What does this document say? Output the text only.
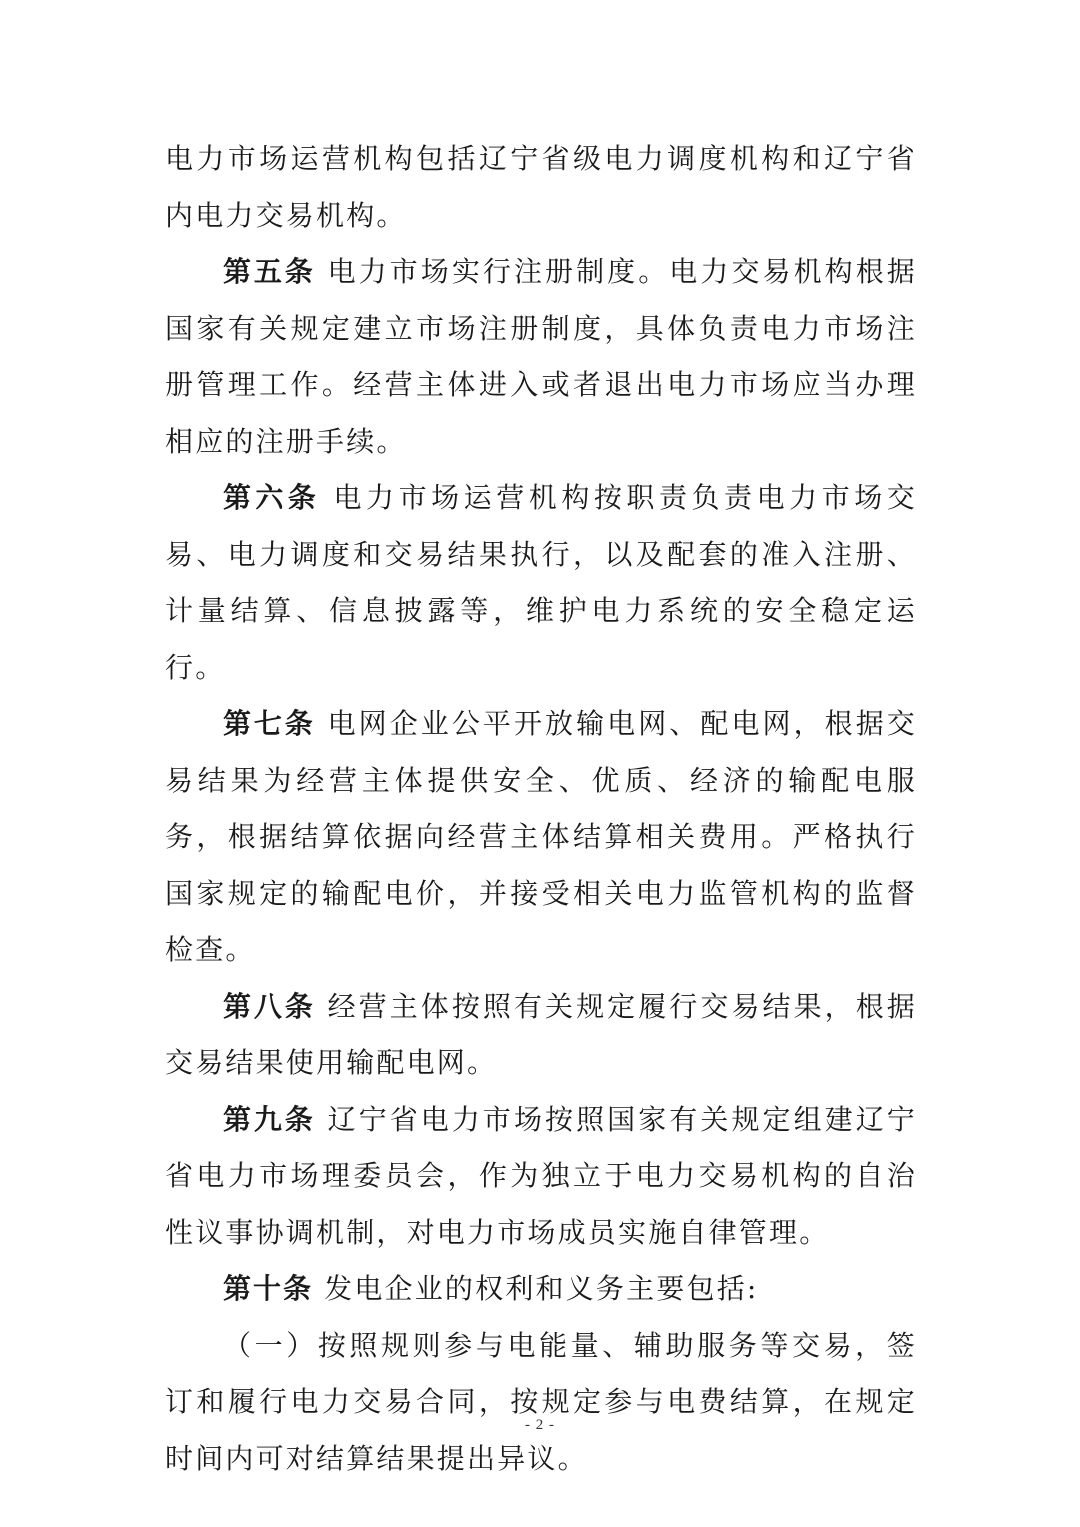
电力市场运营机构包括辽宁省级电力调度机构和辽宁省内电力交易机构。

第五条 电力市场实行注册制度。电力交易机构根据国家有关规定建立市场注册制度，具体负责电力市场注册管理工作。经营主体进入或者退出电力市场应当办理相应的注册手续。

第六条 电力市场运营机构按职责负责电力市场交易、电力调度和交易结果执行，以及配套的准入注册、计量结算、信息披露等，维护电力系统的安全稳定运行。

第七条 电网企业公平开放输电网、配电网，根据交易结果为经营主体提供安全、优质、经济的输配电服务，根据结算依据向经营主体结算相关费用。严格执行国家规定的输配电价，并接受相关电力监管机构的监督检查。

第八条 经营主体按照有关规定履行交易结果，根据交易结果使用输配电网。

第九条 辽宁省电力市场按照国家有关规定组建辽宁省电力市场理委员会，作为独立于电力交易机构的自治性议事协调机制，对电力市场成员实施自律管理。

第十条 发电企业的权利和义务主要包括:

（一）按照规则参与电能量、辅助服务等交易，签订和履行电力交易合同，按规定参与电费结算，在规定时间内可对结算结果提出异议。

- 2 -
